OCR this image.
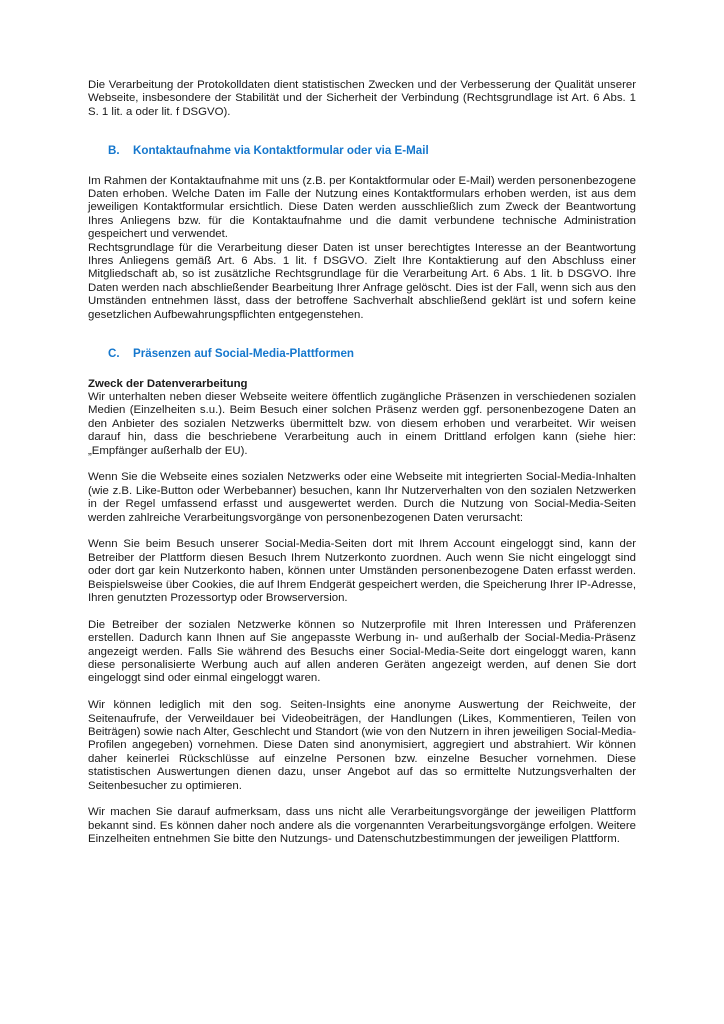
Die Verarbeitung der Protokolldaten dient statistischen Zwecken und der Verbesserung der Qualität unserer Webseite, insbesondere der Stabilität und der Sicherheit der Verbindung (Rechtsgrundlage ist Art. 6 Abs. 1 S. 1 lit. a oder lit. f DSGVO).

B.	Kontaktaufnahme via Kontaktformular oder via E-Mail

Im Rahmen der Kontaktaufnahme mit uns (z.B. per Kontaktformular oder E-Mail) werden personenbezogene Daten erhoben. Welche Daten im Falle der Nutzung eines Kontaktformulars erhoben werden, ist aus dem jeweiligen Kontaktformular ersichtlich. Diese Daten werden ausschließlich zum Zweck der Beantwortung Ihres Anliegens bzw. für die Kontaktaufnahme und die damit verbundene technische Administration gespeichert und verwendet.

Rechtsgrundlage für die Verarbeitung dieser Daten ist unser berechtigtes Interesse an der Beantwortung Ihres Anliegens gemäß Art. 6 Abs. 1 lit. f DSGVO. Zielt Ihre Kontaktierung auf den Abschluss einer Mitgliedschaft ab, so ist zusätzliche Rechtsgrundlage für die Verarbeitung Art. 6 Abs. 1 lit. b DSGVO. Ihre Daten werden nach abschließender Bearbeitung Ihrer Anfrage gelöscht. Dies ist der Fall, wenn sich aus den Umständen entnehmen lässt, dass der betroffene Sachverhalt abschließend geklärt ist und sofern keine gesetzlichen Aufbewahrungspflichten entgegenstehen.

C.	Präsenzen auf Social-Media-Plattformen
Zweck der Datenverarbeitung

Wir unterhalten neben dieser Webseite weitere öffentlich zugängliche Präsenzen in verschiedenen sozialen Medien (Einzelheiten s.u.). Beim Besuch einer solchen Präsenz werden ggf. personenbezogene Daten an den Anbieter des sozialen Netzwerks übermittelt bzw. von diesem erhoben und verarbeitet. Wir weisen darauf hin, dass die beschriebene Verarbeitung auch in einem Drittland erfolgen kann (siehe hier: „Empfänger außerhalb der EU).

Wenn Sie die Webseite eines sozialen Netzwerks oder eine Webseite mit integrierten Social-Media-Inhalten (wie z.B. Like-Button oder Werbebanner) besuchen, kann Ihr Nutzerverhalten von den sozialen Netzwerken in der Regel umfassend erfasst und ausgewertet werden. Durch die Nutzung von Social-Media-Seiten werden zahlreiche Verarbeitungsvorgänge von personenbezogenen Daten verursacht:

Wenn Sie beim Besuch unserer Social-Media-Seiten dort mit Ihrem Account eingeloggt sind, kann der Betreiber der Plattform diesen Besuch Ihrem Nutzerkonto zuordnen. Auch wenn Sie nicht eingeloggt sind oder dort gar kein Nutzerkonto haben, können unter Umständen personenbezogene Daten erfasst werden. Beispielsweise über Cookies, die auf Ihrem Endgerät gespeichert werden, die Speicherung Ihrer IP-Adresse, Ihren genutzten Prozessortyp oder Browserversion.

Die Betreiber der sozialen Netzwerke können so Nutzerprofile mit Ihren Interessen und Präferenzen erstellen. Dadurch kann Ihnen auf Sie angepasste Werbung in- und außerhalb der Social-Media-Präsenz angezeigt werden. Falls Sie während des Besuchs einer Social-Media-Seite dort eingeloggt waren, kann diese personalisierte Werbung auch auf allen anderen Geräten angezeigt werden, auf denen Sie dort eingeloggt sind oder einmal eingeloggt waren.

Wir können lediglich mit den sog. Seiten-Insights eine anonyme Auswertung der Reichweite, der Seitenaufrufe, der Verweildauer bei Videobeiträgen, der Handlungen (Likes, Kommentieren, Teilen von Beiträgen) sowie nach Alter, Geschlecht und Standort (wie von den Nutzern in ihren jeweiligen Social-Media-Profilen angegeben) vornehmen. Diese Daten sind anonymisiert, aggregiert und abstrahiert. Wir können daher keinerlei Rückschlüsse auf einzelne Personen bzw. einzelne Besucher vornehmen. Diese statistischen Auswertungen dienen dazu, unser Angebot auf das so ermittelte Nutzungsverhalten der Seitenbesucher zu optimieren.

Wir machen Sie darauf aufmerksam, dass uns nicht alle Verarbeitungsvorgänge der jeweiligen Plattform bekannt sind. Es können daher noch andere als die vorgenannten Verarbeitungsvorgänge erfolgen. Weitere Einzelheiten entnehmen Sie bitte den Nutzungs- und Datenschutzbestimmungen der jeweiligen Plattform.
